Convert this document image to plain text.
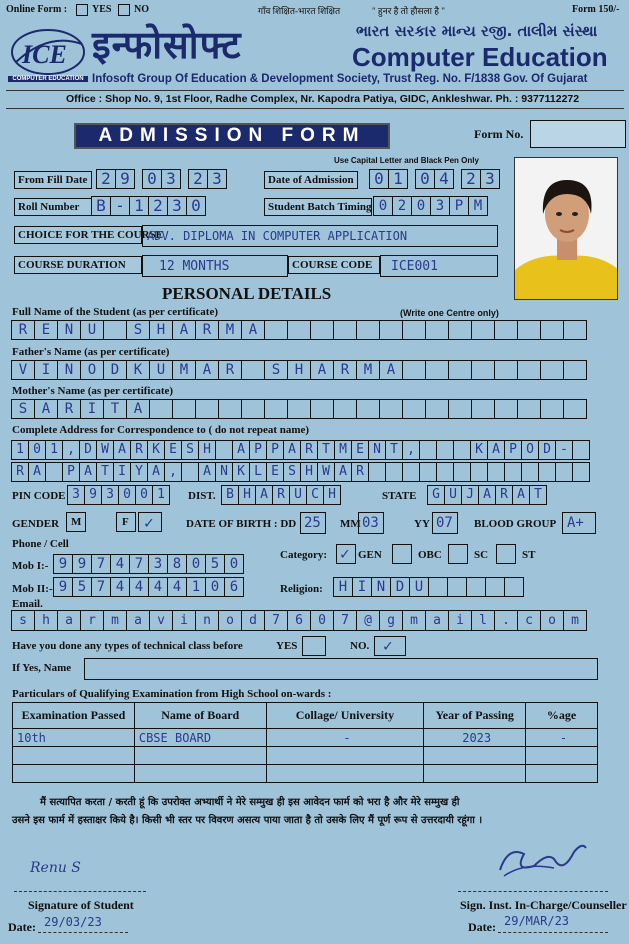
Online Form : YES NO	गाँव शिक्षित-भारत शिक्षित	" हुनर है तो हौसला है "	Form 150/-
ICE
COMPUTER EDUCATION
इन्फोसोफ्ट	ભારત સરકાર માન્ય રજી. તાલીમ સંસ્થા
Computer Education
Infosoft Group Of Education & Development Society, Trust Reg. No. F/1838 Gov. Of Gujarat
Office : Shop No. 9, 1st Floor, Radhe Complex, Nr. Kapodra Patiya, GIDC, Ankleshwar. Ph. : 9377112272
ADMISSION FORM	Form No.
Use Capital Letter and Black Pen Only
From Fill Date 2 9	0 3	2 3	Date of Admission	0 1	0 4	2 3
Roll Number	B - 1 2 3 0	Student Batch Timing 0 2 0 3 P M
CHOICE FOR THE COURSE
ADV. DIPLOMA IN COMPUTER APPLICATION
COURSE DURATION	12 MONTHS	COURSE CODE	ICE001
PERSONAL DETAILS
Full Name of the Student (as per certificate)	(Write one Centre only)
R	E	N	U	S	H	A	R	M	A
Father's Name (as per certificate)
V	I	N	O	D	K	U	M	A	R	S	H	A	R	M	A
Mother's Name (as per certificate)
S	A	R	I	T	A
Complete Address for Correspondence to ( do not repeat name)
1 0 1 , D W A R K E S H	A P P A R T M E N T ,	K A P O D -
R A	P A T I Y A ,	A N K L E S H W A R
PIN CODE 3 9 3 0 0 1	DIST. B H A R U C H	STATE	G U J A R A T
GENDER M	F ✓	DATE OF BIRTH : DD 25 MM 03	YY 07 BLOOD GROUP A+
Phone / Cell
Mob I:- 9 9 7 4 7 3 8 0 5 0
Mob II:- 9 5 7 4 4 4 4 1 0 6
Category: ✓ GEN	OBC	SC	ST
Religion:	H I N D U
Email.
s	h	a	r	m	a	v	i	n	o	d	7	6	0	7	@	g	m	a	i	l	.	c	o	m
Have you done any types of technical class before	YES	NO. ✓
If Yes, Name
Particulars of Qualifying Examination from High School on-wards :
Examination Passed	Name of Board	Collage/ University	Year of Passing	%age
10th	CBSE BOARD	-	2023	-

मैं सत्यापित करता / करती हूं कि उपरोक्त अभ्यार्थी ने मेरे सम्मुख ही इस आवेदन फार्म को भरा है और मेरे सम्मुख ही
उसने इस फार्म में हस्ताक्षर किये है। किसी भी स्तर पर विवरण असत्य पाया जाता है तो उसके लिए मैं पूर्ण रूप से उत्तरदायी रहूंगा ।
Renu S
Signature of Student
Date: 29/03/23
Sign. Inst. In-Charge/Counseller
Date: 29/MAR/23
